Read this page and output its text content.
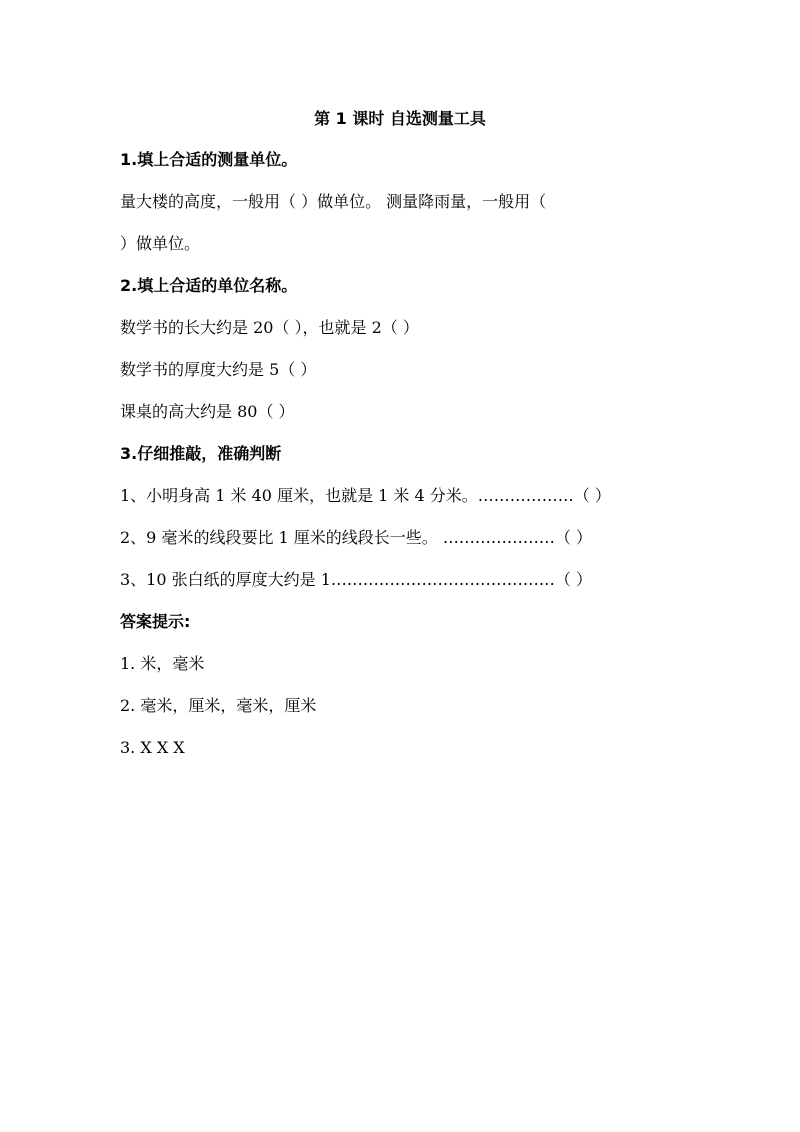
第 1 课时 自选测量工具
1.填上合适的测量单位。
量大楼的高度，一般用（ ）做单位。 测量降雨量，一般用（
）做单位。
2.填上合适的单位名称。
数学书的长大约是 20（ ），也就是 2（ ）
数学书的厚度大约是 5（ ）
课桌的高大约是 80（ ）
3.仔细推敲，准确判断
1、小明身高 1 米 40 厘米，也就是 1 米 4 分米。………………（ ）
2、9 毫米的线段要比 1 厘米的线段长一些。 …………………（ ）
3、10 张白纸的厚度大约是 1……………………………………（ ）
答案提示:
1. 米，毫米
2. 毫米，厘米，毫米，厘米
3. X X X
